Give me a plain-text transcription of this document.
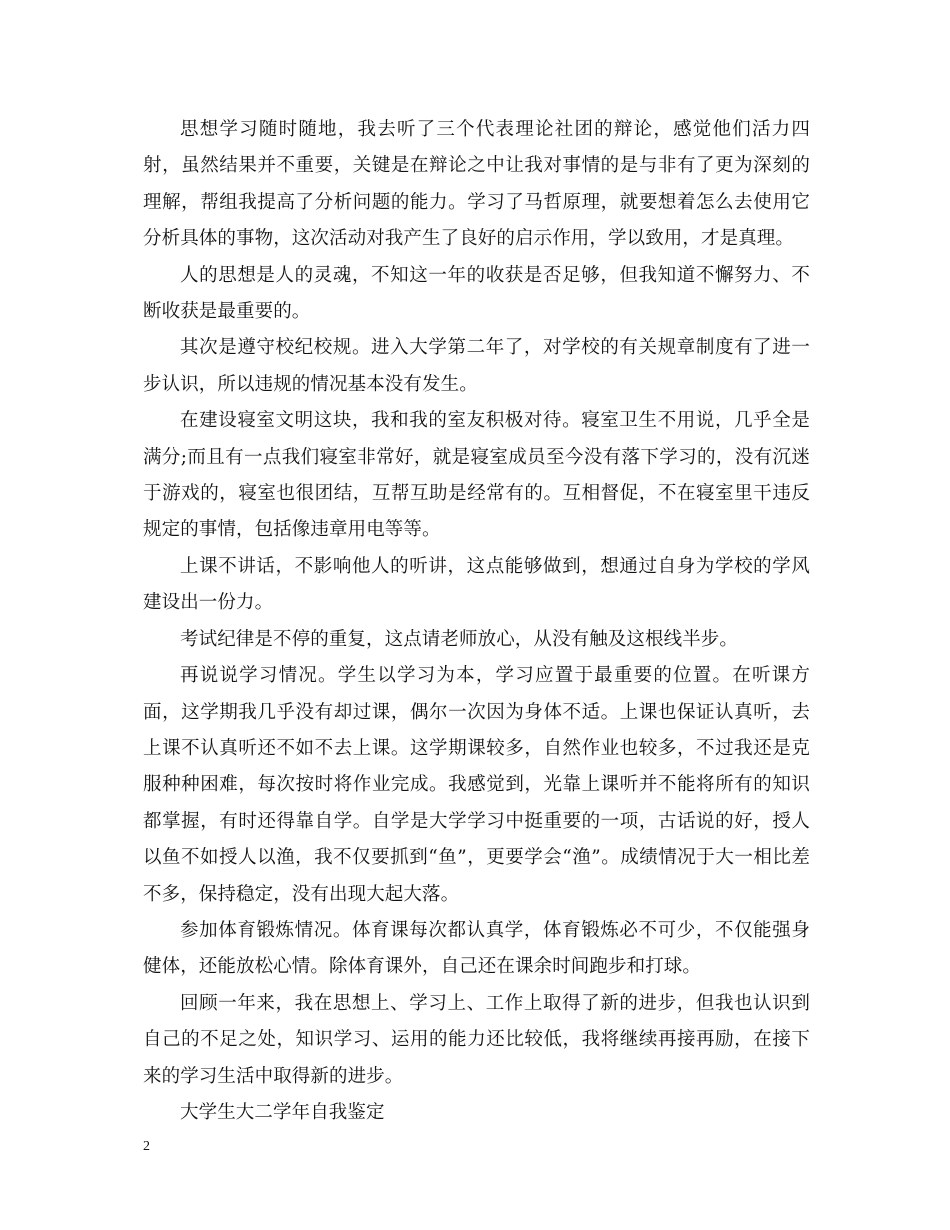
思想学习随时随地，我去听了三个代表理论社团的辩论，感觉他们活力四射，虽然结果并不重要，关键是在辩论之中让我对事情的是与非有了更为深刻的理解，帮组我提高了分析问题的能力。学习了马哲原理，就要想着怎么去使用它分析具体的事物，这次活动对我产生了良好的启示作用，学以致用，才是真理。

人的思想是人的灵魂，不知这一年的收获是否足够，但我知道不懈努力、不断收获是最重要的。

其次是遵守校纪校规。进入大学第二年了，对学校的有关规章制度有了进一步认识，所以违规的情况基本没有发生。

在建设寝室文明这块，我和我的室友积极对待。寝室卫生不用说，几乎全是满分;而且有一点我们寝室非常好，就是寝室成员至今没有落下学习的，没有沉迷于游戏的，寝室也很团结，互帮互助是经常有的。互相督促，不在寝室里干违反规定的事情，包括像违章用电等等。

上课不讲话，不影响他人的听讲，这点能够做到，想通过自身为学校的学风建设出一份力。

考试纪律是不停的重复，这点请老师放心，从没有触及这根线半步。

再说说学习情况。学生以学习为本，学习应置于最重要的位置。在听课方面，这学期我几乎没有却过课，偶尔一次因为身体不适。上课也保证认真听，去上课不认真听还不如不去上课。这学期课较多，自然作业也较多，不过我还是克服种种困难，每次按时将作业完成。我感觉到，光靠上课听并不能将所有的知识都掌握，有时还得靠自学。自学是大学学习中挺重要的一项，古话说的好，授人以鱼不如授人以渔，我不仅要抓到“鱼”，更要学会“渔”。成绩情况于大一相比差不多，保持稳定，没有出现大起大落。

参加体育锻炼情况。体育课每次都认真学，体育锻炼必不可少，不仅能强身健体，还能放松心情。除体育课外，自己还在课余时间跑步和打球。

回顾一年来，我在思想上、学习上、工作上取得了新的进步，但我也认识到自己的不足之处，知识学习、运用的能力还比较低，我将继续再接再励，在接下来的学习生活中取得新的进步。

大学生大二学年自我鉴定

2
